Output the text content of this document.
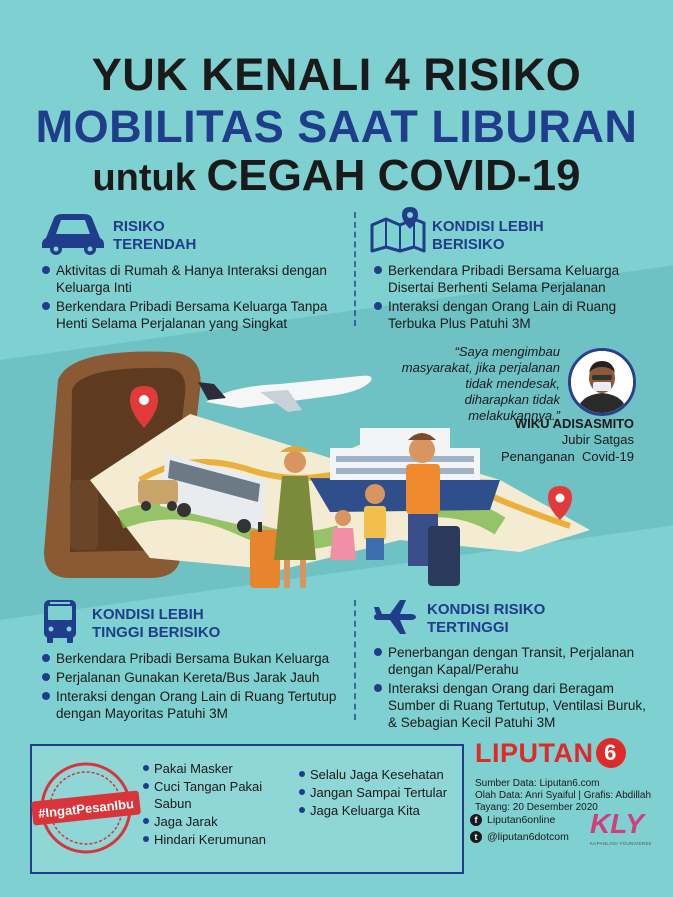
YUK KENALI 4 RISIKO
MOBILITAS SAAT LIBURAN
untuk CEGAH COVID-19
RISIKO
TERENDAH
Aktivitas di Rumah & Hanya Interaksi dengan Keluarga Inti
Berkendara Pribadi Bersama Keluarga Tanpa Henti Selama Perjalanan yang Singkat
KONDISI LEBIH
BERISIKO
Berkendara Pribadi Bersama Keluarga Disertai Berhenti Selama Perjalanan
Interaksi dengan Orang Lain di Ruang Terbuka Plus Patuhi 3M
“Saya mengimbau masyarakat, jika perjalanan tidak mendesak, diharapkan tidak melakukannya.”
WIKU ADISASMITO
Jubir Satgas
Penanganan  Covid-19
KONDISI LEBIH
TINGGI BERISIKO
Berkendara Pribadi Bersama Bukan Keluarga
Perjalanan Gunakan Kereta/Bus Jarak Jauh
Interaksi dengan Orang Lain di Ruang Tertutup dengan Mayoritas Patuhi 3M
KONDISI RISIKO
TERTINGGI
Penerbangan dengan Transit, Perjalanan dengan Kapal/Perahu
Interaksi dengan Orang dari Beragam Sumber di Ruang Tertutup, Ventilasi Buruk, & Sebagian Kecil Patuhi 3M
#IngatPesanIbu
Pakai Masker
Cuci Tangan Pakai Sabun
Jaga Jarak
Hindari Kerumunan
Selalu Jaga Kesehatan
Jangan Sampai Tertular
Jaga Keluarga Kita
LIPUTAN 6
Sumber Data: Liputan6.com
Olah Data: Anri Syaiful | Grafis: Abdillah
Tayang: 20 Desember 2020
f Liputan6online
t @liputan6dotcom KLY
KAPANLAGI YOUNIVERSE
